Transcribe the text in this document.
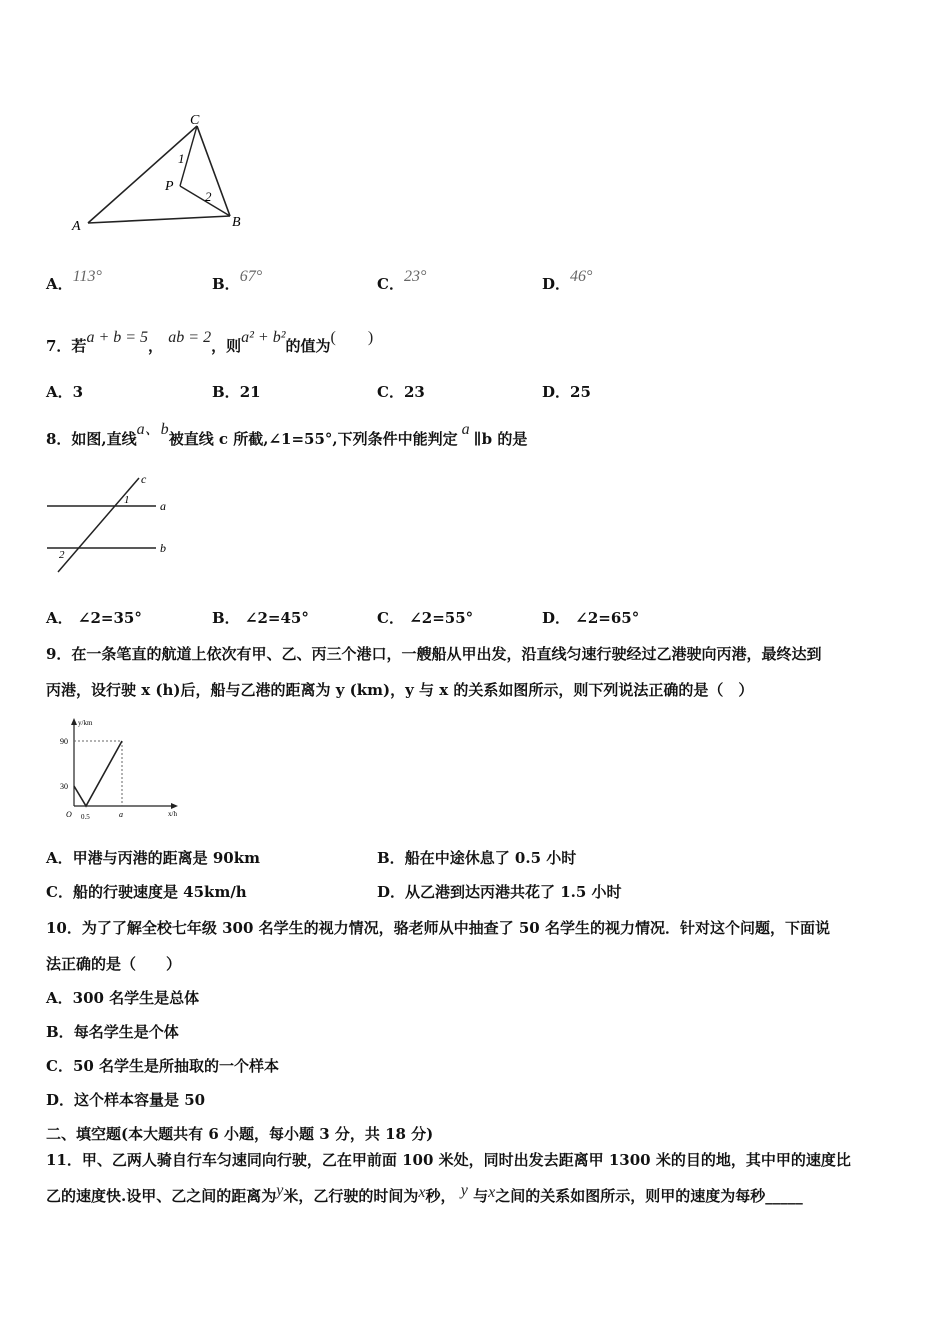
C
P
A	B
1
2
A．113°	B．67°	C．23°	D．46°
7．若a + b = 5， ab = 2，则a² + b²的值为(　　)
A．3	B．21	C．23	D．25
8．如图,直线a、b被直线 c 所截,∠1=55°,下列条件中能判定a∥b 的是
c
a
b
1
2
A． ∠2=35°	B． ∠2=45°	C． ∠2=55°	D． ∠2=65°
9．在一条笔直的航道上依次有甲、乙、丙三个港口，一艘船从甲出发，沿直线匀速行驶经过乙港驶向丙港，最终达到
丙港，设行驶 x (h)后，船与乙港的距离为 y (km)，y 与 x 的关系如图所示，则下列说法正确的是（　）
y/km
x/h
90
30
O 0.5	a
A．甲港与丙港的距离是 90km	B．船在中途休息了 0.5 小时
C．船的行驶速度是 45km/h	D．从乙港到达丙港共花了 1.5 小时
10．为了了解全校七年级 300 名学生的视力情况，骆老师从中抽查了 50 名学生的视力情况．针对这个问题，下面说
法正确的是（　　）
A．300 名学生是总体
B．每名学生是个体
C．50 名学生是所抽取的一个样本
D．这个样本容量是 50
二、填空题(本大题共有 6 小题，每小题 3 分，共 18 分)
11．甲、乙两人骑自行车匀速同向行驶，乙在甲前面 100 米处，同时出发去距离甲 1300 米的目的地，其中甲的速度比
乙的速度快.设甲、乙之间的距离为y米，乙行驶的时间为x秒， y 与x之间的关系如图所示，则甲的速度为每秒_____
